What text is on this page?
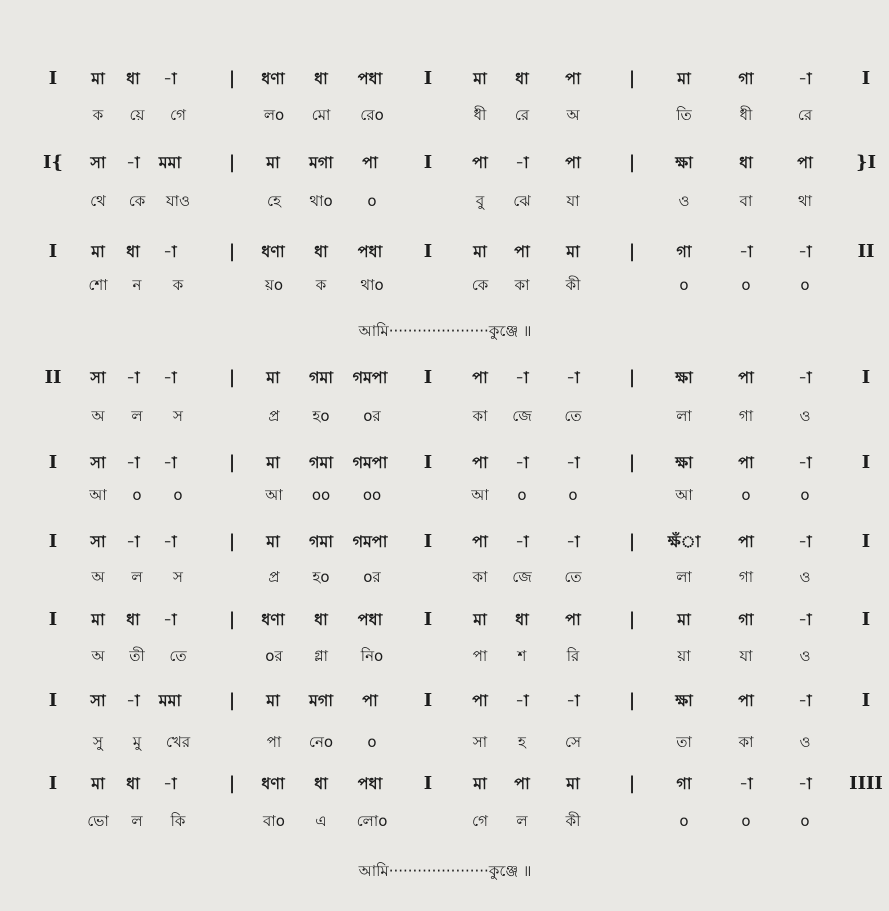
I মা ধা -া	| ধণা ধা পধা I	মা ধা পা	|	মা	গা	-া	I
ক য়ে গে	লo মো রেo	ধী রে অ	তি	ধী	রে
I{ সা -া মমা	| মা মগা পা	I	পা -া পা	| ক্ষা	ধা	পা }I
থে কে যাও	হে থাo o	বু ঝে যা	ও	বা	থা
I মা ধা -া	| ধণা ধা পধা I	মা পা মা	|	গা	-া	-া	II
শো ন ক	য়o ক থাo	কে কা কী	o	o	o
আমি·····················কুঞ্জে ॥
II সা -া -া	| মা গমা গমপা I	পা -া -া	| ক্ষা	পা	-া	I
অ ল স	প্র হo oর	কা জে তে	লা	গা	ও
I সা -া -া	| মা গমা গমপা I	পা -া -া	| ক্ষা	পা	-া	I
আ o o	আ oo oo	আ o	o	আ	o	o
I সা -া -া	| মা গমা গমপা I	পা -া -া	| ক্ষঁা পা	-া	I
অ ল স	প্র হo oর	কা জে তে	লা	গা	ও
I মা ধা -া	| ধণা ধা পধা I	মা ধা পা	|	মা	গা	-া	I
অ তী তে	oর গ্লা নিo	পা শ	রি	য়া	যা	ও
I সা -া মমা	| মা মগা পা	I	পা -া -া	| ক্ষা	পা	-া	I
সু মু খের	পা নেo o	সা হ	সে	তা	কা	ও
I মা ধা -া	| ধণা ধা পধা I	মা পা মা	|	গা	-া	-া IIII
ভো ল কি	বাo এ লোo	গে ল	কী	o	o	o
আমি·····················কুঞ্জে ॥
